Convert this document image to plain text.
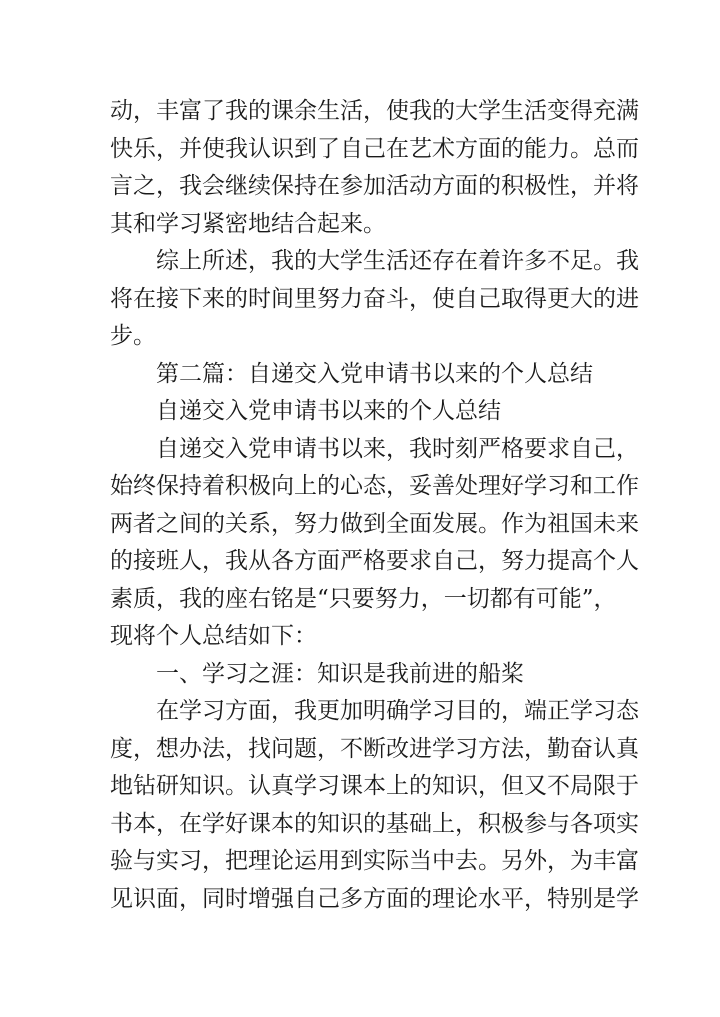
动，丰富了我的课余生活，使我的大学生活变得充满

快乐，并使我认识到了自己在艺术方面的能力。总而

言之，我会继续保持在参加活动方面的积极性，并将

其和学习紧密地结合起来。

综上所述，我的大学生活还存在着许多不足。我

将在接下来的时间里努力奋斗，使自己取得更大的进

步。

第二篇：自递交入党申请书以来的个人总结

自递交入党申请书以来的个人总结

自递交入党申请书以来，我时刻严格要求自己，

始终保持着积极向上的心态，妥善处理好学习和工作

两者之间的关系，努力做到全面发展。作为祖国未来

的接班人，我从各方面严格要求自己，努力提高个人

素质，我的座右铭是“只要努力，一切都有可能”，

现将个人总结如下：

一、学习之涯：知识是我前进的船桨

在学习方面，我更加明确学习目的，端正学习态

度，想办法，找问题，不断改进学习方法，勤奋认真

地钻研知识。认真学习课本上的知识，但又不局限于

书本，在学好课本的知识的基础上，积极参与各项实

验与实习，把理论运用到实际当中去。另外，为丰富

见识面，同时增强自己多方面的理论水平，特别是学
